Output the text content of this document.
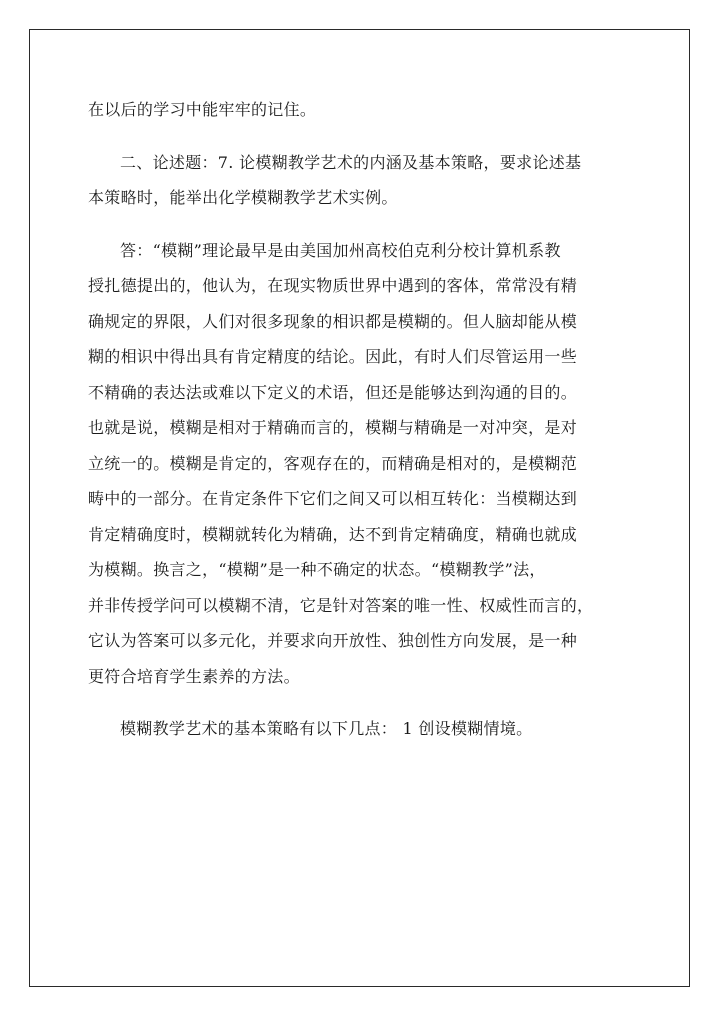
在以后的学习中能牢牢的记住。
二、论述题：7. 论模糊教学艺术的内涵及基本策略，要求论述基
本策略时，能举出化学模糊教学艺术实例。
答：“模糊”理论最早是由美国加州高校伯克利分校计算机系教
授扎德提出的，他认为，在现实物质世界中遇到的客体，常常没有精
确规定的界限，人们对很多现象的相识都是模糊的。但人脑却能从模
糊的相识中得出具有肯定精度的结论。因此，有时人们尽管运用一些
不精确的表达法或难以下定义的术语，但还是能够达到沟通的目的。
也就是说，模糊是相对于精确而言的，模糊与精确是一对冲突，是对
立统一的。模糊是肯定的，客观存在的，而精确是相对的，是模糊范
畴中的一部分。在肯定条件下它们之间又可以相互转化：当模糊达到
肯定精确度时，模糊就转化为精确，达不到肯定精确度，精确也就成
为模糊。换言之，“模糊”是一种不确定的状态。“模糊教学”法，
并非传授学问可以模糊不清，它是针对答案的唯一性、权威性而言的，
它认为答案可以多元化，并要求向开放性、独创性方向发展，是一种
更符合培育学生素养的方法。
模糊教学艺术的基本策略有以下几点： 1 创设模糊情境。
